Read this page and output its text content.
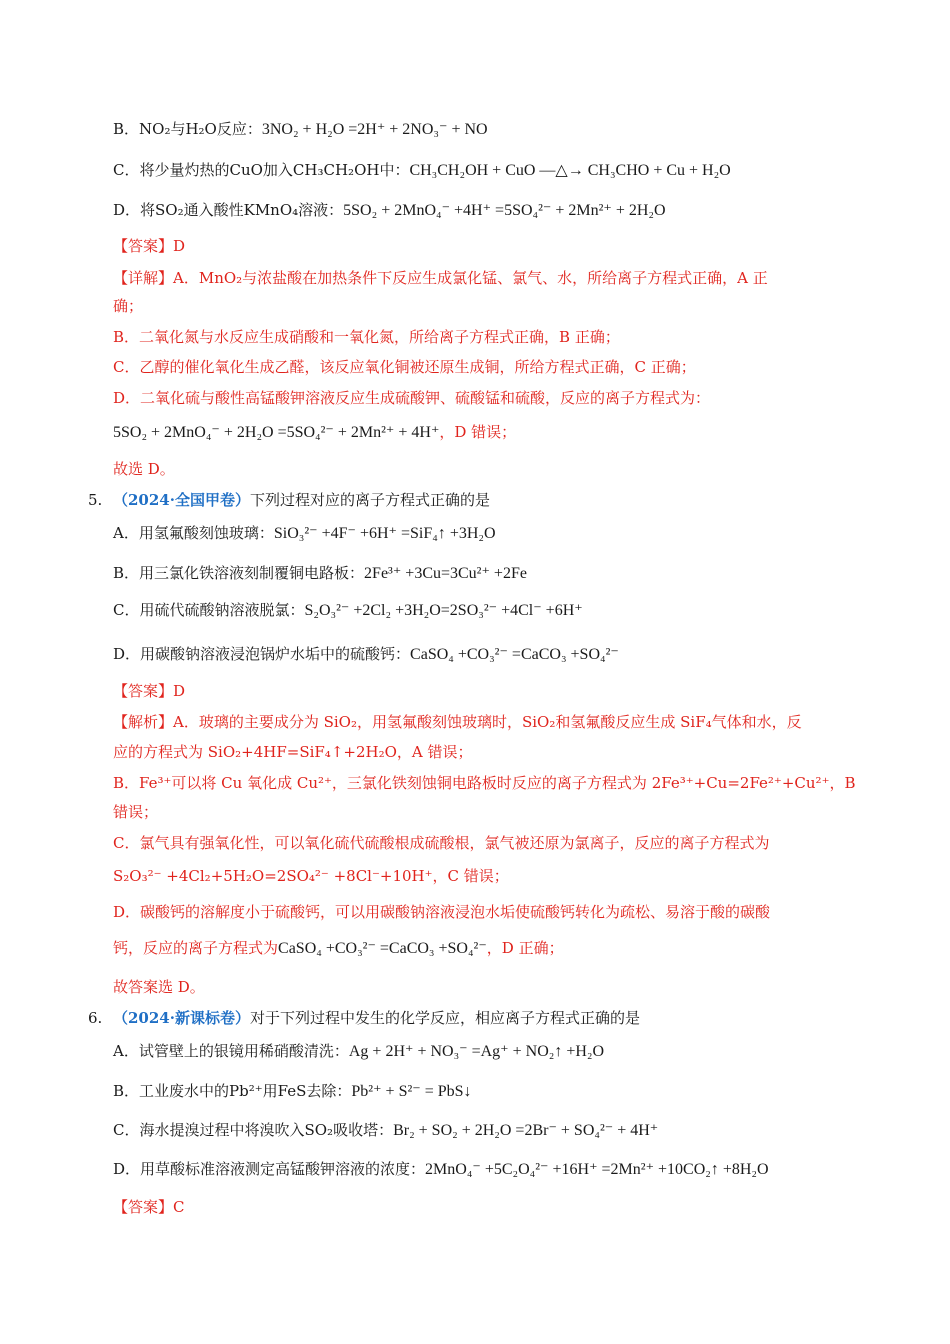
B．NO₂与H₂O反应：3NO₂ + H₂O =2H⁺ + 2NO₃⁻ + NO
C．将少量灼热的CuO加入CH₃CH₂OH中：CH₃CH₂OH + CuO —△→ CH₃CHO + Cu + H₂O
D．将SO₂通入酸性KMnO₄溶液：5SO₂ + 2MnO₄⁻ +4H⁺ =5SO₄²⁻ + 2Mn²⁺ + 2H₂O
【答案】D
【详解】A．MnO₂与浓盐酸在加热条件下反应生成氯化锰、氯气、水，所给离子方程式正确，A 正
确；
B．二氧化氮与水反应生成硝酸和一氧化氮，所给离子方程式正确，B 正确；
C．乙醇的催化氧化生成乙醛，该反应氧化铜被还原生成铜，所给方程式正确，C 正确；
D．二氧化硫与酸性高锰酸钾溶液反应生成硫酸钾、硫酸锰和硫酸，反应的离子方程式为：
5SO₂ + 2MnO₄⁻ + 2H₂O =5SO₄²⁻ + 2Mn²⁺ + 4H⁺，D 错误；
故选 D。
5. （2024·全国甲卷）下列过程对应的离子方程式正确的是
A．用氢氟酸刻蚀玻璃：SiO₃²⁻ +4F⁻ +6H⁺ =SiF₄↑ +3H₂O
B．用三氯化铁溶液刻制覆铜电路板：2Fe³⁺ +3Cu=3Cu²⁺ +2Fe
C．用硫代硫酸钠溶液脱氯：S₂O₃²⁻ +2Cl₂ +3H₂O=2SO₃²⁻ +4Cl⁻ +6H⁺
D．用碳酸钠溶液浸泡锅炉水垢中的硫酸钙：CaSO₄ +CO₃²⁻ =CaCO₃ +SO₄²⁻
【答案】D
【解析】A．玻璃的主要成分为 SiO₂，用氢氟酸刻蚀玻璃时，SiO₂和氢氟酸反应生成 SiF₄气体和水，反
应的方程式为 SiO₂+4HF=SiF₄↑+2H₂O，A 错误；
B．Fe³⁺可以将 Cu 氧化成 Cu²⁺，三氯化铁刻蚀铜电路板时反应的离子方程式为 2Fe³⁺+Cu=2Fe²⁺+Cu²⁺，B
错误；
C．氯气具有强氧化性，可以氧化硫代硫酸根成硫酸根，氯气被还原为氯离子，反应的离子方程式为
S₂O₃²⁻ +4Cl₂+5H₂O=2SO₄²⁻ +8Cl⁻+10H⁺，C 错误；
D．碳酸钙的溶解度小于硫酸钙，可以用碳酸钠溶液浸泡水垢使硫酸钙转化为疏松、易溶于酸的碳酸
钙，反应的离子方程式为CaSO₄ +CO₃²⁻ =CaCO₃ +SO₄²⁻，D 正确；
故答案选 D。
6. （2024·新课标卷）对于下列过程中发生的化学反应，相应离子方程式正确的是
A．试管壁上的银镜用稀硝酸清洗：Ag + 2H⁺ + NO₃⁻ =Ag⁺ + NO₂↑ +H₂O
B．工业废水中的Pb²⁺用FeS去除：Pb²⁺ + S²⁻ = PbS↓
C．海水提溴过程中将溴吹入SO₂吸收塔：Br₂ + SO₂ + 2H₂O =2Br⁻ + SO₄²⁻ + 4H⁺
D．用草酸标准溶液测定高锰酸钾溶液的浓度：2MnO₄⁻ +5C₂O₄²⁻ +16H⁺ =2Mn²⁺ +10CO₂↑ +8H₂O
【答案】C
